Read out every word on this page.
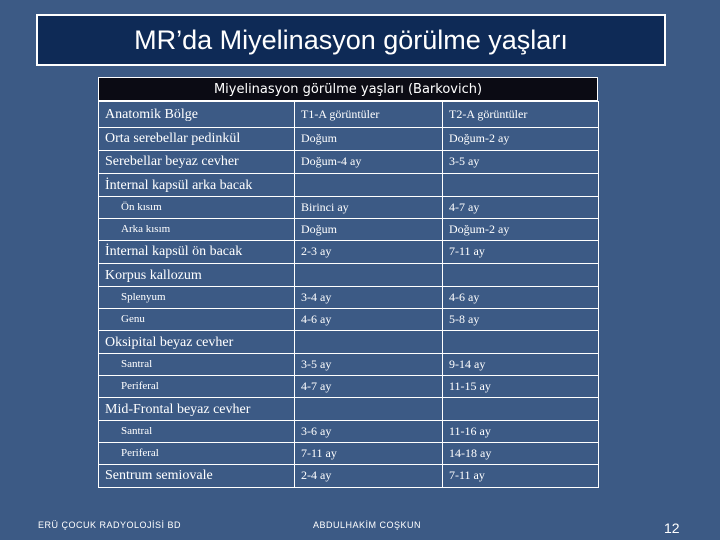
MR’da Miyelinasyon görülme yaşları
Miyelinasyon görülme yaşları (Barkovich)
Anatomik Bölge	T1-A görüntüler	T2-A görüntüler
Orta serebellar pedinkül	Doğum	Doğum-2 ay
Serebellar beyaz cevher	Doğum-4 ay	3-5 ay
İnternal kapsül arka bacak		
Ön kısım	Birinci ay	4-7 ay
Arka kısım	Doğum	Doğum-2 ay
İnternal kapsül ön bacak	2-3 ay	7-11 ay
Korpus kallozum		
Splenyum	3-4 ay	4-6 ay
Genu	4-6 ay	5-8 ay
Oksipital beyaz cevher		
Santral	3-5 ay	9-14 ay
Periferal	4-7 ay	11-15 ay
Mid-Frontal beyaz cevher		
Santral	3-6 ay	11-16 ay
Periferal	7-11 ay	14-18 ay
Sentrum semiovale	2-4 ay	7-11 ay
ERÜ ÇOCUK RADYOLOJİSİ BD	ABDULHAKİM COŞKUN	12
